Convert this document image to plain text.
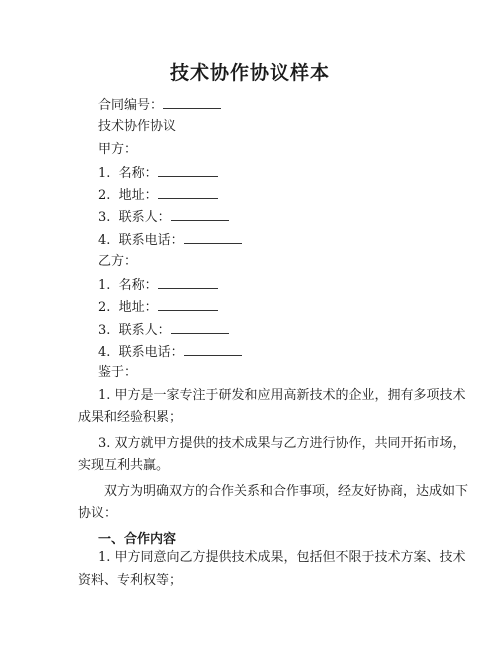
技术协作协议样本
合同编号：
技术协作协议
甲方：
1. 名称：
2. 地址：
3. 联系人：
4. 联系电话：
乙方：
1. 名称：
2. 地址：
3. 联系人：
4. 联系电话：
鉴于：
1. 甲方是一家专注于研发和应用高新技术的企业，拥有多项技术
成果和经验积累；
3. 双方就甲方提供的技术成果与乙方进行协作，共同开拓市场，
实现互利共赢。
双方为明确双方的合作关系和合作事项，经友好协商，达成如下
协议：
一、合作内容
1. 甲方同意向乙方提供技术成果，包括但不限于技术方案、技术
资料、专利权等；
